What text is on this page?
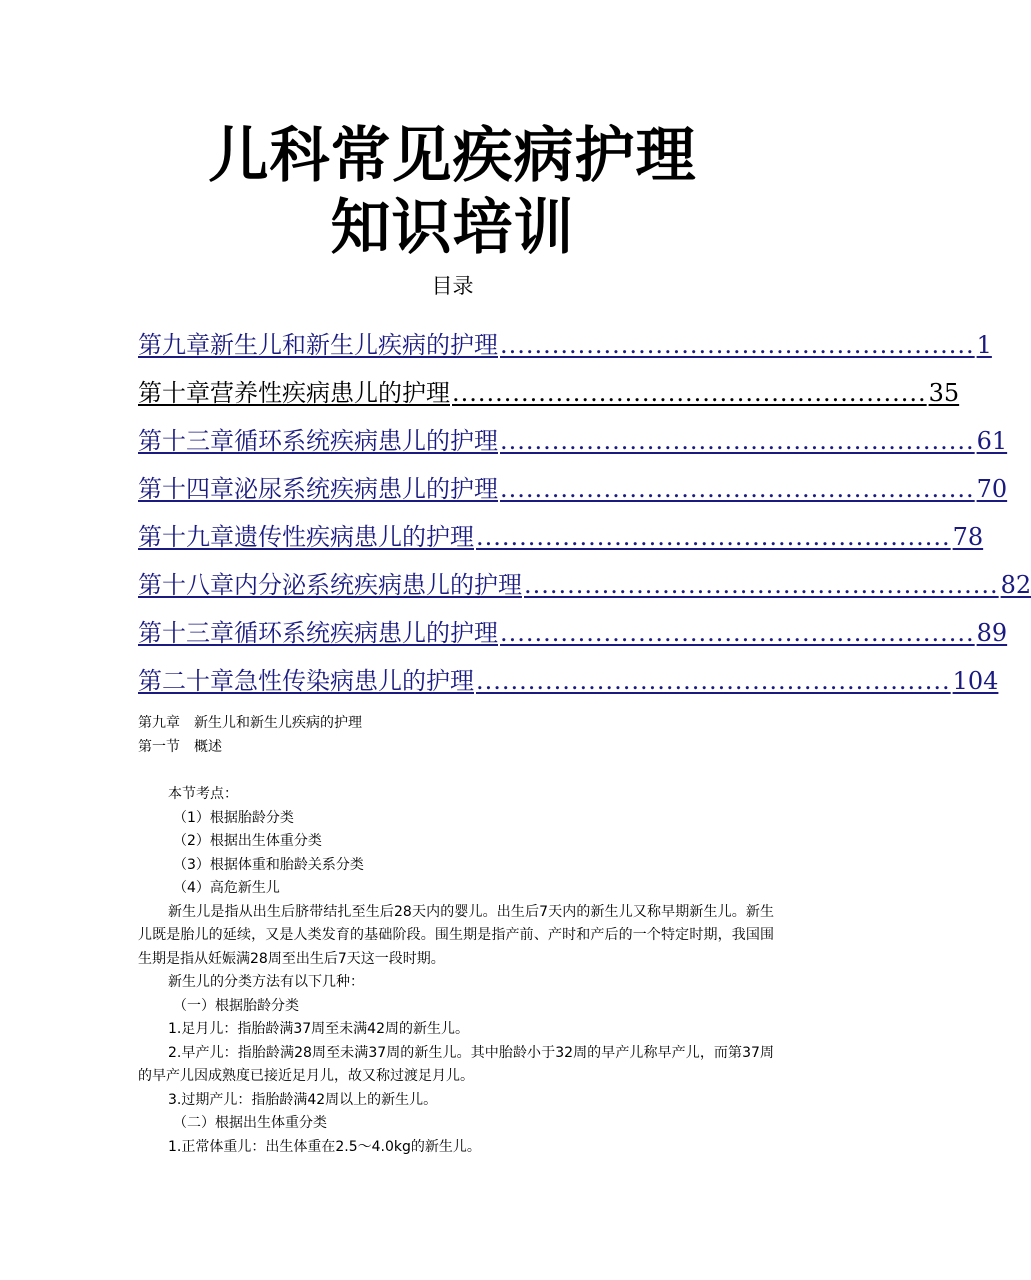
儿科常见疾病护理
知识培训
目录
第九章 新生儿和新生儿疾病的护理 ....................................................... 1
第十章 营养性疾病患儿的护理 ....................................................... 35
第十三章 循环系统疾病患儿的护理 ....................................................... 61
第十四章 泌尿系统疾病患儿的护理 ....................................................... 70
第十九章 遗传性疾病患儿的护理 ....................................................... 78
第十八章 内分泌系统疾病患儿的护理 ....................................................... 82
第十三章 循环系统疾病患儿的护理 ....................................................... 89
第二十章 急性传染病患儿的护理 ....................................................... 104

第九章　新生儿和新生儿疾病的护理

第一节　概述

本节考点：

（1）根据胎龄分类

（2）根据出生体重分类

（3）根据体重和胎龄关系分类

（4）高危新生儿

新生儿是指从出生后脐带结扎至生后28天内的婴儿。出生后7天内的新生儿又称早期新生儿。新生儿既是胎儿的延续，又是人类发育的基础阶段。围生期是指产前、产时和产后的一个特定时期，我国围生期是指从妊娠满28周至出生后7天这一段时期。

新生儿的分类方法有以下几种：

（一）根据胎龄分类

1.足月儿：指胎龄满37周至未满42周的新生儿。

2.早产儿：指胎龄满28周至未满37周的新生儿。其中胎龄小于32周的早产儿称早产儿，而第37周的早产儿因成熟度已接近足月儿，故又称过渡足月儿。

3.过期产儿：指胎龄满42周以上的新生儿。

（二）根据出生体重分类

1.正常体重儿：出生体重在2.5～4.0kg的新生儿。
